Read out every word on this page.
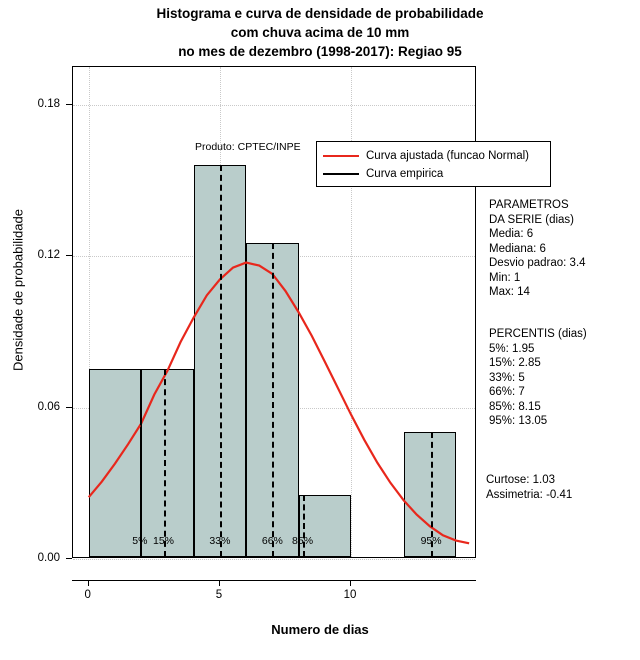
Histograma e curva de densidade de probabilidade
com chuva acima de 10 mm
no mes de dezembro (1998-2017): Regiao 95
Densidade de probabilidade
0.00
0.06
0.12
0.18
5% 15%	33%	66% 85%	95%
Curva ajustada (funcao Normal)
Curva empirica
Produto: CPTEC/INPE
0	5	10
Numero de dias
PARAMETROS
DA SERIE (dias)
Media: 6
Mediana: 6
Desvio padrao: 3.4
Min: 1
Max: 14
PERCENTIS (dias)
5%: 1.95
15%: 2.85
33%: 5
66%: 7
85%: 8.15
95%: 13.05
Curtose: 1.03
Assimetria: -0.41
